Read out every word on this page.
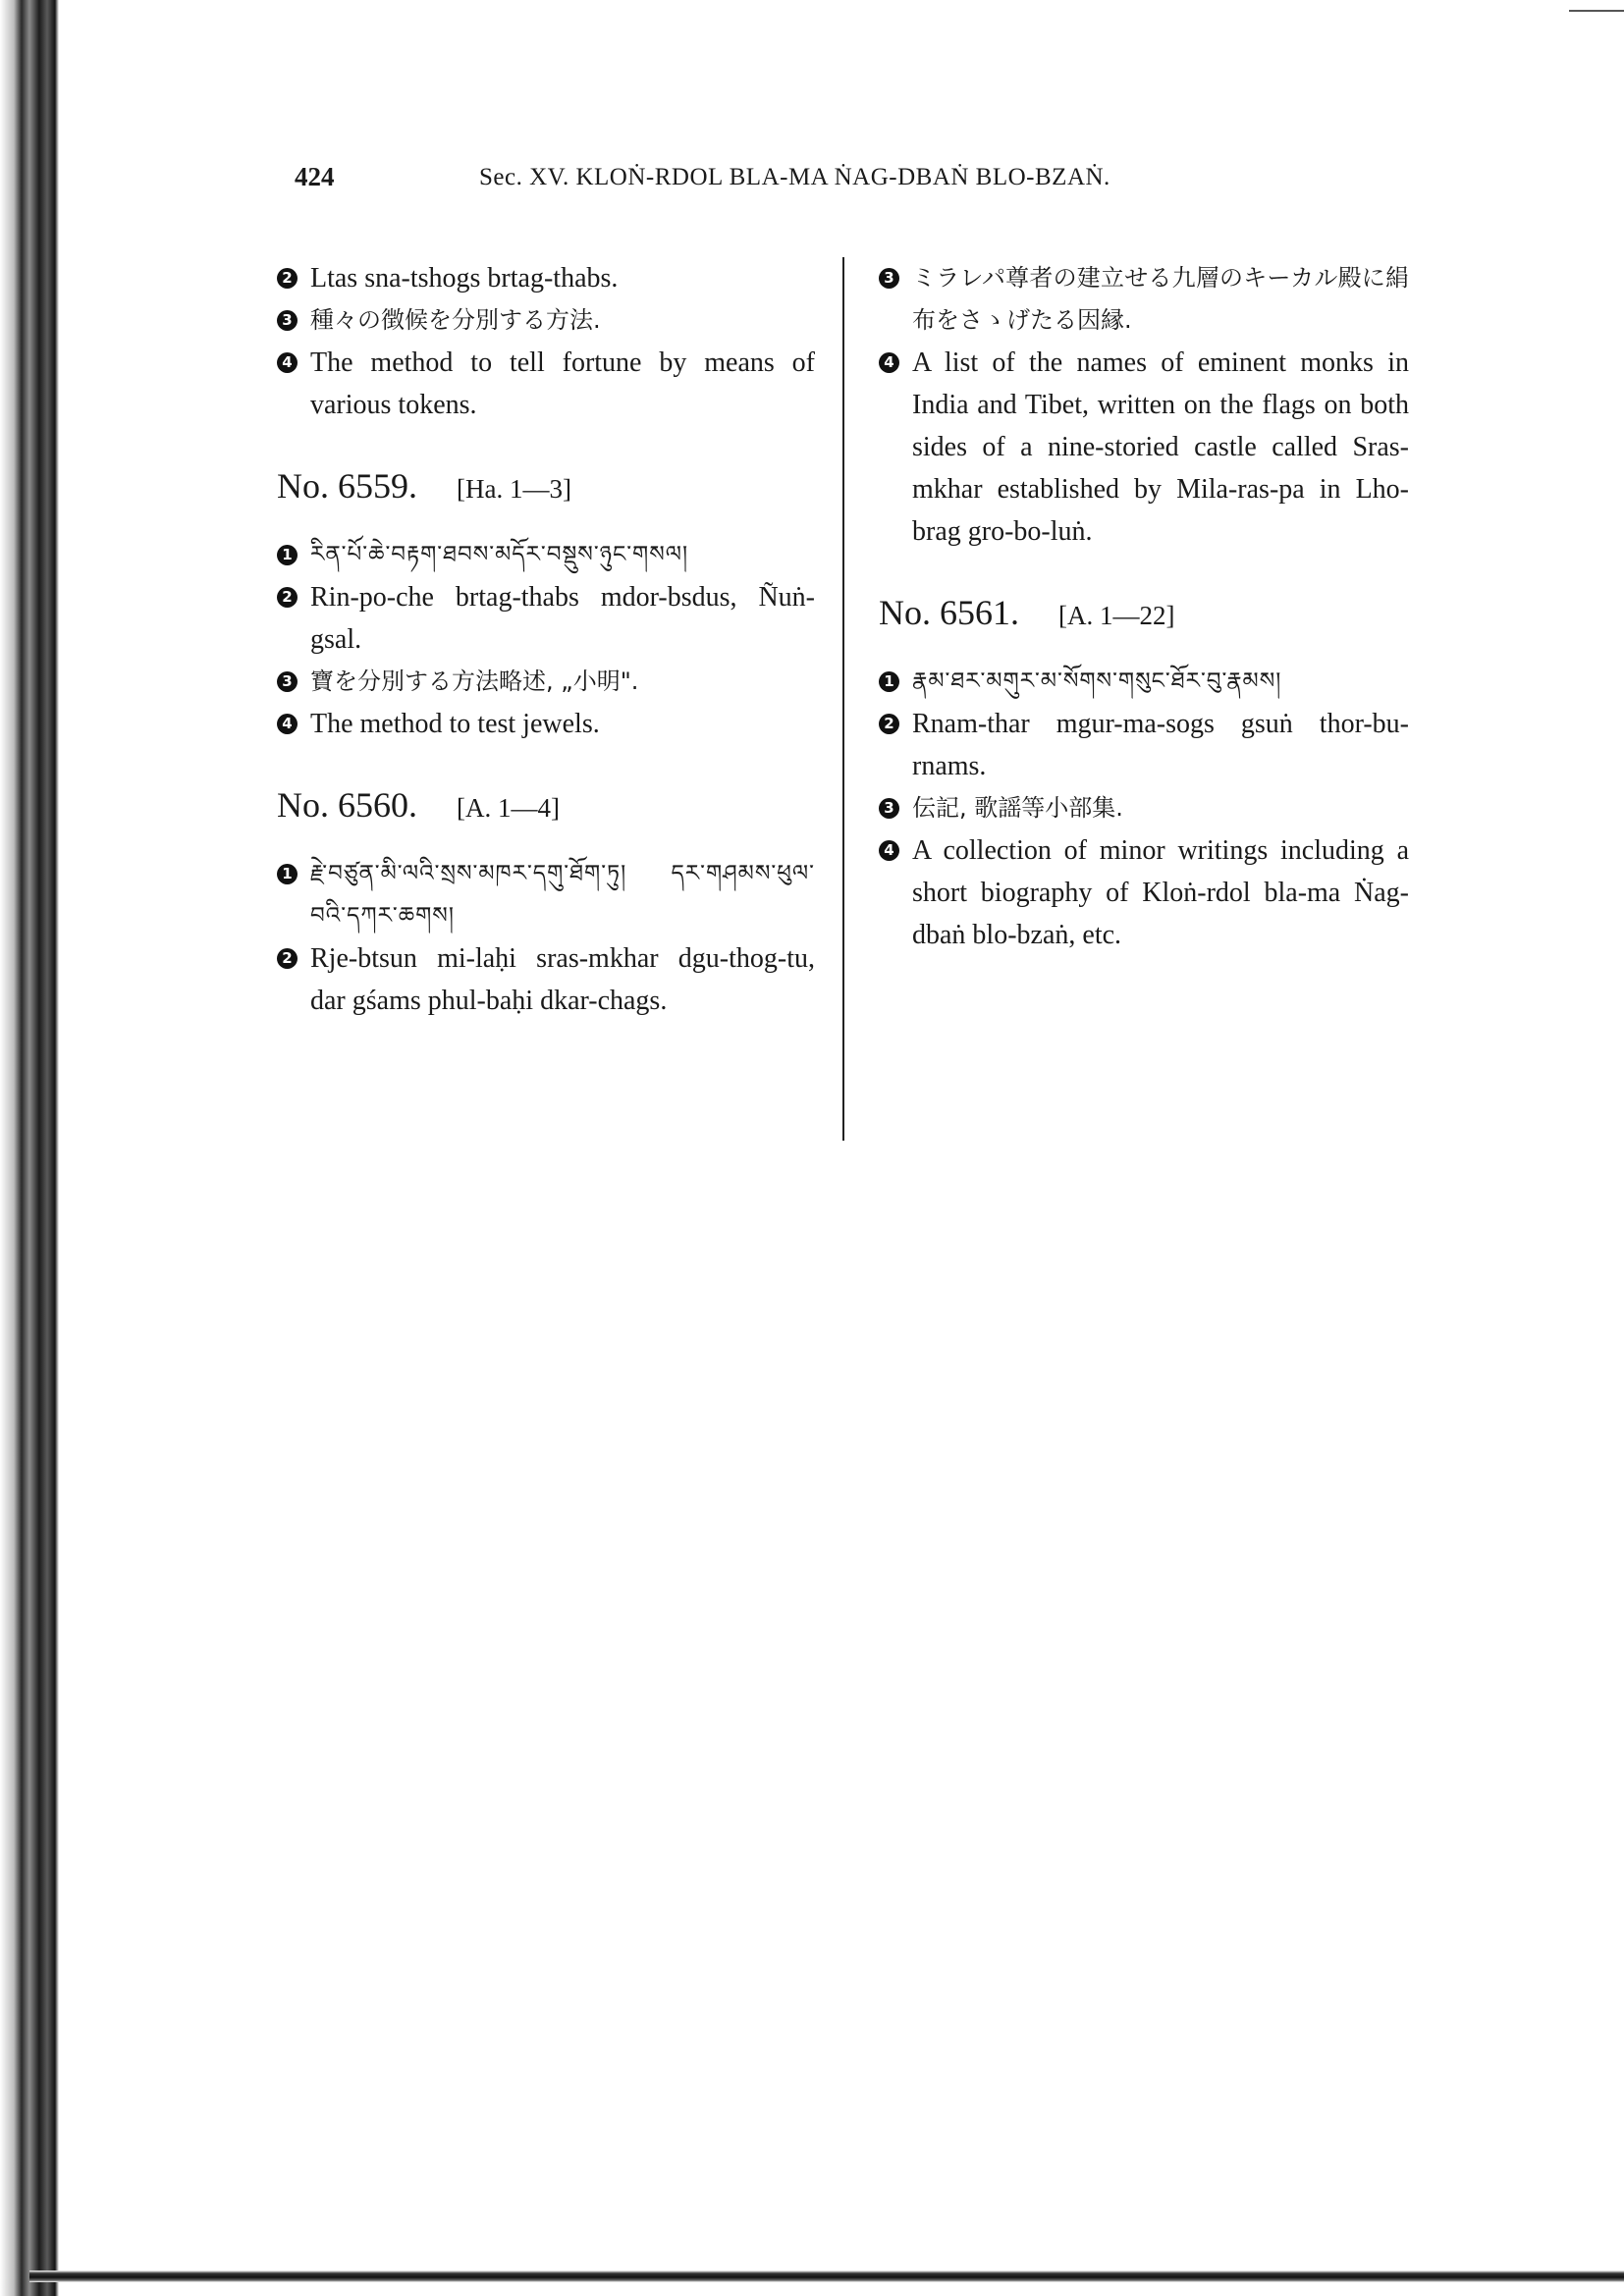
424	Sec. XV. KLOṄ-RDOL BLA-MA ṄAG-DBAṄ BLO-BZAṄ.
2 Ltas sna-tshogs brtag-thabs.
3 種々の徴候を分別する方法.
4 The method to tell fortune by means of various tokens.
No. 6559. [Ha. 1—3]
1 རིན་པོ་ཆེ་བརྟག་ཐབས་མདོར་བསྡུས་ཉུང་གསལ།
2 Rin-po-che brtag-thabs mdor-bsdus, Ñuṅ-gsal.
3 寶を分別する方法略述, „小明".
4 The method to test jewels.
No. 6560. [A. 1—4]
1 རྗེ་བཙུན་མི་ལའི་སྲས་མཁར་དགུ་ཐོག་ཏུ། དར་གཤམས་ཕུལ་བའི་དཀར་ཆགས།
2 Rje-btsun mi-laḥi sras-mkhar dgu-thog-tu, dar gśams phul-baḥi dkar-chags.
3 ミラレパ尊者の建立せる九層のキーカル殿に絹布をさゝげたる因縁.
4 A list of the names of eminent monks in India and Tibet, written on the flags on both sides of a nine-storied castle called Sras-mkhar established by Mila-ras-pa in Lho-brag gro-bo-luṅ.
No. 6561. [A. 1—22]
1 རྣམ་ཐར་མགུར་མ་སོགས་གསུང་ཐོར་བུ་རྣམས།
2 Rnam-thar mgur-ma-sogs gsuṅ thor-bu-rnams.
3 伝記, 歌謡等小部集.
4 A collection of minor writings including a short biography of Kloṅ-rdol bla-ma Ṅag-dbaṅ blo-bzaṅ, etc.
